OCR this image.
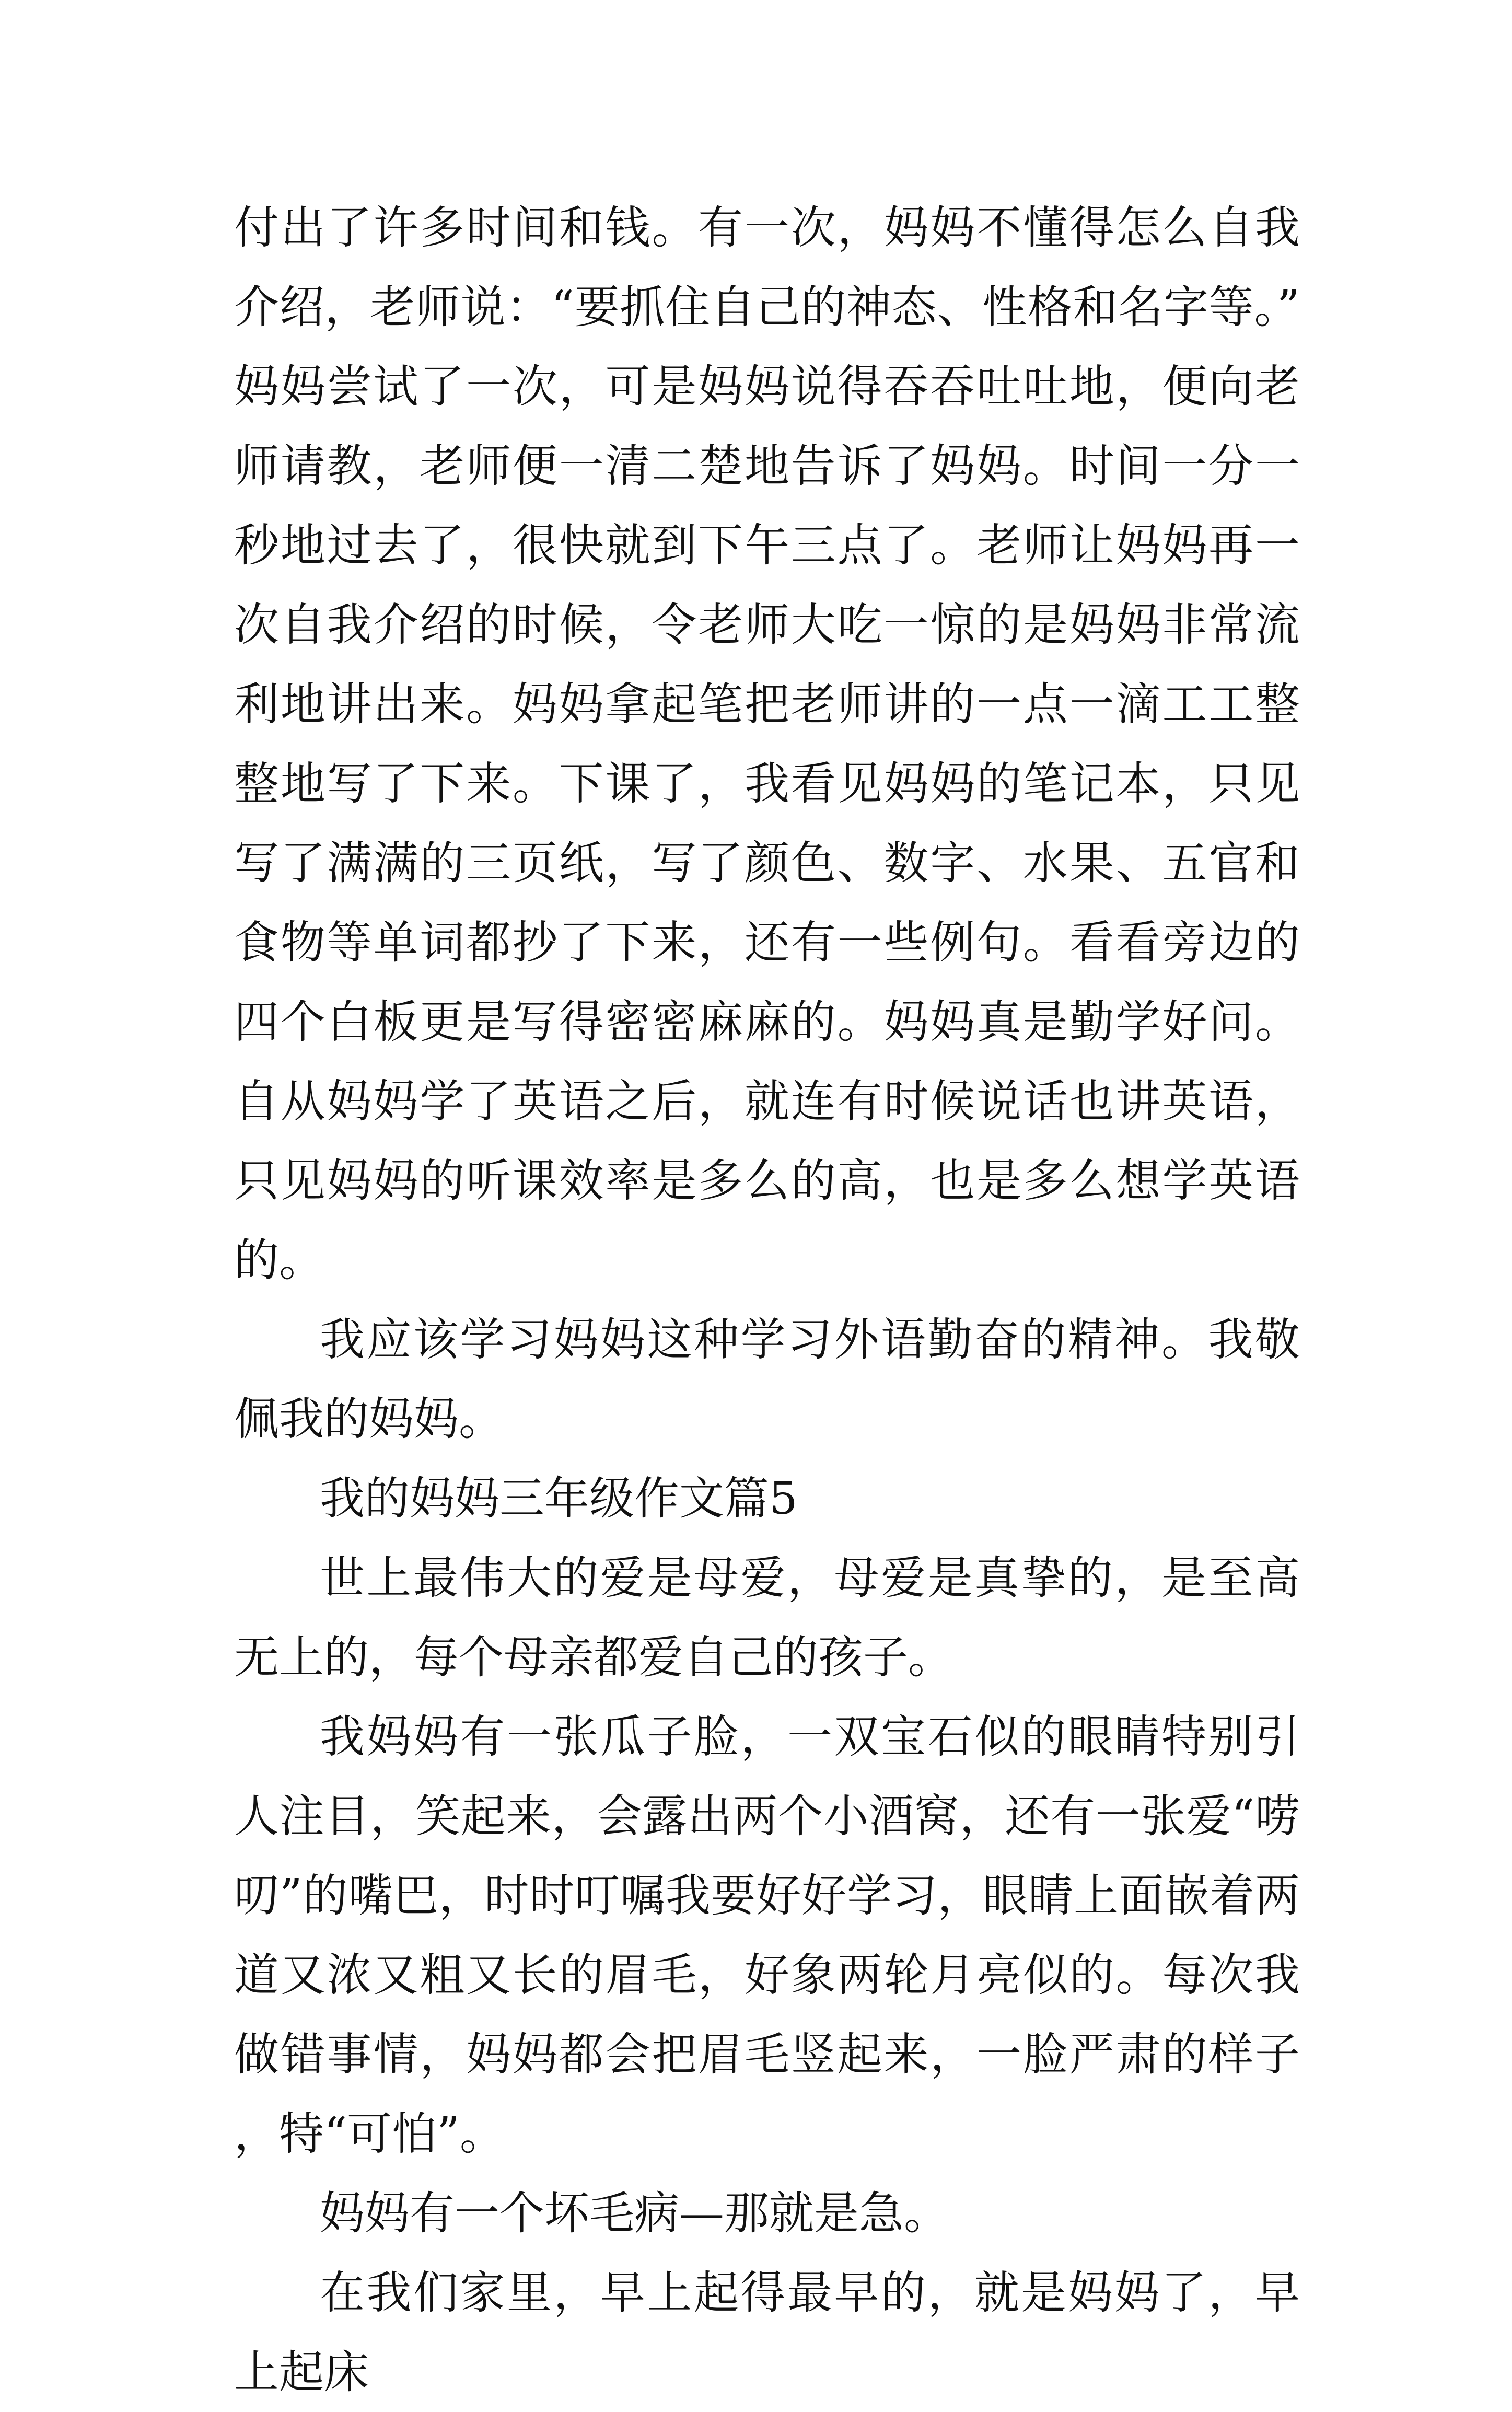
付出了许多时间和钱。有一次，妈妈不懂得怎么自我介绍，老师说：“要抓住自己的神态、性格和名字等。”妈妈尝试了一次，可是妈妈说得吞吞吐吐地，便向老师请教，老师便一清二楚地告诉了妈妈。时间一分一秒地过去了，很快就到下午三点了。老师让妈妈再一次自我介绍的时候，令老师大吃一惊的是妈妈非常流利地讲出来。妈妈拿起笔把老师讲的一点一滴工工整整地写了下来。下课了，我看见妈妈的笔记本，只见写了满满的三页纸，写了颜色、数字、水果、五官和食物等单词都抄了下来，还有一些例句。看看旁边的四个白板更是写得密密麻麻的。妈妈真是勤学好问。自从妈妈学了英语之后，就连有时候说话也讲英语，只见妈妈的听课效率是多么的高，也是多么想学英语的。

我应该学习妈妈这种学习外语勤奋的精神。我敬佩我的妈妈。

我的妈妈三年级作文篇5

世上最伟大的爱是母爱，母爱是真挚的，是至高无上的，每个母亲都爱自己的孩子。

我妈妈有一张瓜子脸，一双宝石似的眼睛特别引人注目，笑起来，会露出两个小酒窝，还有一张爱“唠叨”的嘴巴，时时叮嘱我要好好学习，眼睛上面嵌着两道又浓又粗又长的眉毛，好象两轮月亮似的。每次我做错事情，妈妈都会把眉毛竖起来，一脸严肃的样子，特“可怕”。

妈妈有一个坏毛病—那就是急。

在我们家里，早上起得最早的，就是妈妈了，早上起床
